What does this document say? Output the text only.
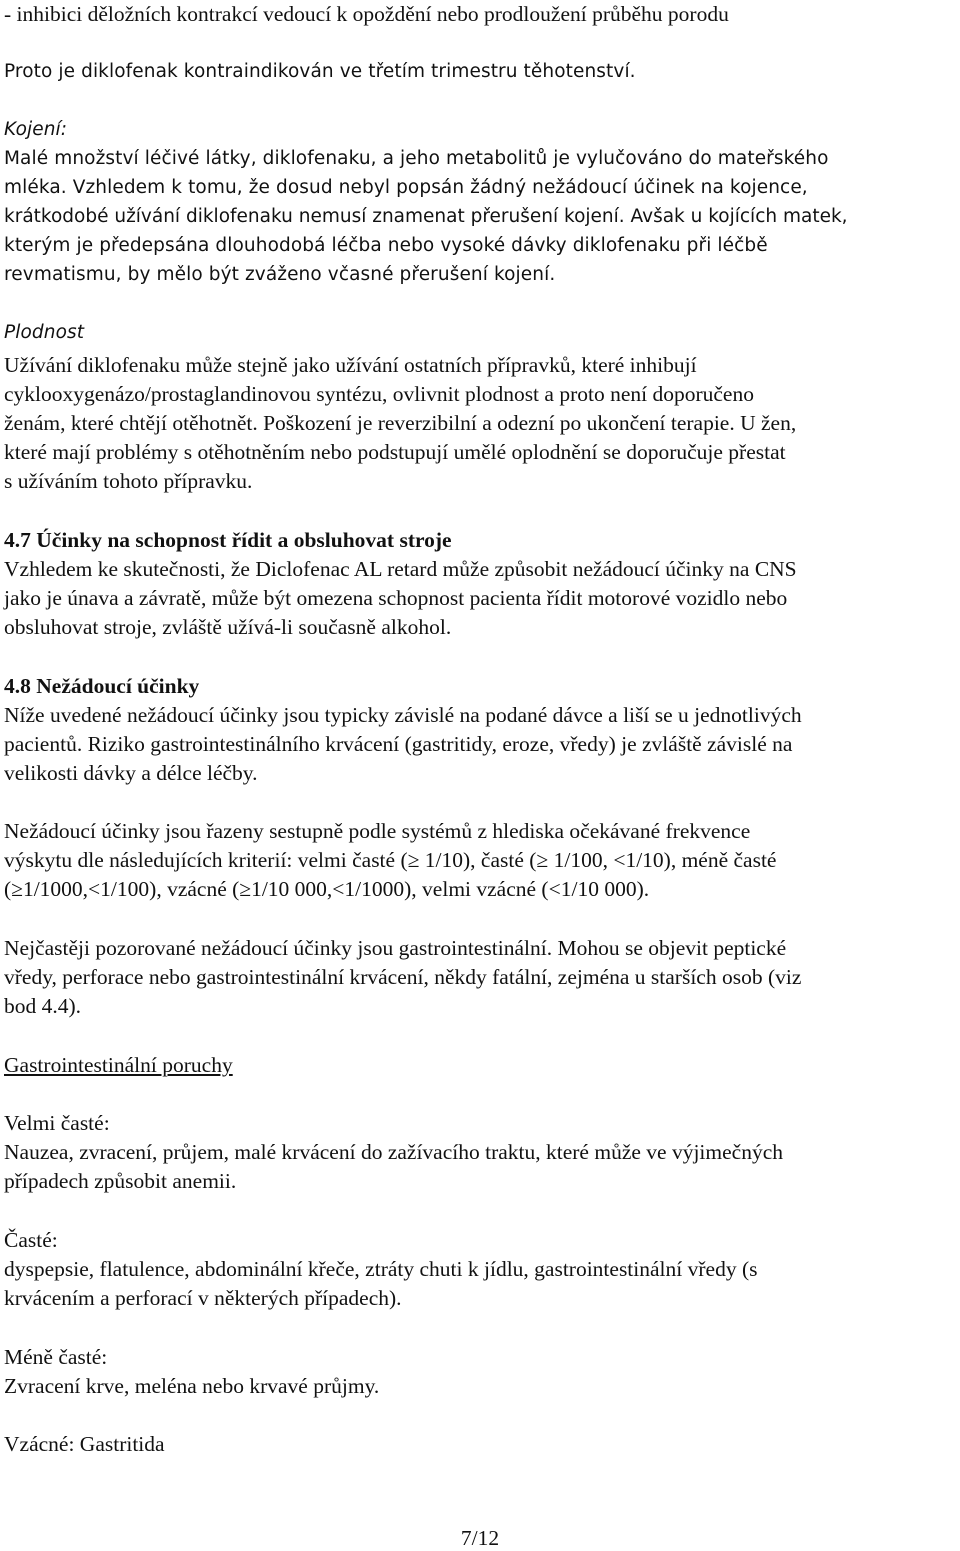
- inhibici děložních kontrakcí vedoucí k opoždění nebo prodloužení průběhu porodu
Proto je diklofenak kontraindikován ve třetím trimestru těhotenství.
Kojení:
Malé množství léčivé látky, diklofenaku, a jeho metabolitů je vylučováno do mateřského
mléka. Vzhledem k tomu, že dosud nebyl popsán žádný nežádoucí účinek na kojence,
krátkodobé užívání diklofenaku nemusí znamenat přerušení kojení. Avšak u kojících matek,
kterým je předepsána dlouhodobá léčba nebo vysoké dávky diklofenaku při léčbě
revmatismu, by mělo být zváženo včasné přerušení kojení.
Plodnost
Užívání diklofenaku může stejně jako užívání ostatních přípravků, které inhibují
cyklooxygenázo/prostaglandinovou syntézu, ovlivnit plodnost a proto není doporučeno
ženám, které chtějí otěhotnět. Poškození je reverzibilní a odezní po ukončení terapie. U žen,
které mají problémy s otěhotněním nebo podstupují umělé oplodnění se doporučuje přestat
s užíváním tohoto přípravku.
4.7 Účinky na schopnost řídit a obsluhovat stroje
Vzhledem ke skutečnosti, že Diclofenac AL retard může způsobit nežádoucí účinky na CNS
jako je únava a závratě, může být omezena schopnost pacienta řídit motorové vozidlo nebo
obsluhovat stroje, zvláště užívá-li současně alkohol.
4.8 Nežádoucí účinky
Níže uvedené nežádoucí účinky jsou typicky závislé na podané dávce a liší se u jednotlivých
pacientů. Riziko gastrointestinálního krvácení (gastritidy, eroze, vředy) je zvláště závislé na
velikosti dávky a délce léčby.
Nežádoucí účinky jsou řazeny sestupně podle systémů z hlediska očekávané frekvence
výskytu dle následujících kriterií: velmi časté (≥ 1/10), časté (≥ 1/100, <1/10), méně časté
(≥1/1000,<1/100), vzácné (≥1/10 000,<1/1000), velmi vzácné (<1/10 000).
Nejčastěji pozorované nežádoucí účinky jsou gastrointestinální. Mohou se objevit peptické
vředy, perforace nebo gastrointestinální krvácení, někdy fatální, zejména u starších osob (viz
bod 4.4).
Gastrointestinální poruchy
Velmi časté:
Nauzea, zvracení, průjem, malé krvácení do zažívacího traktu, které může ve výjimečných
případech způsobit anemii.
Časté:
dyspepsie, flatulence, abdominální křeče, ztráty chuti k jídlu, gastrointestinální vředy (s
krvácením a perforací v některých případech).
Méně časté:
Zvracení krve, meléna nebo krvavé průjmy.
Vzácné: Gastritida
7/12
